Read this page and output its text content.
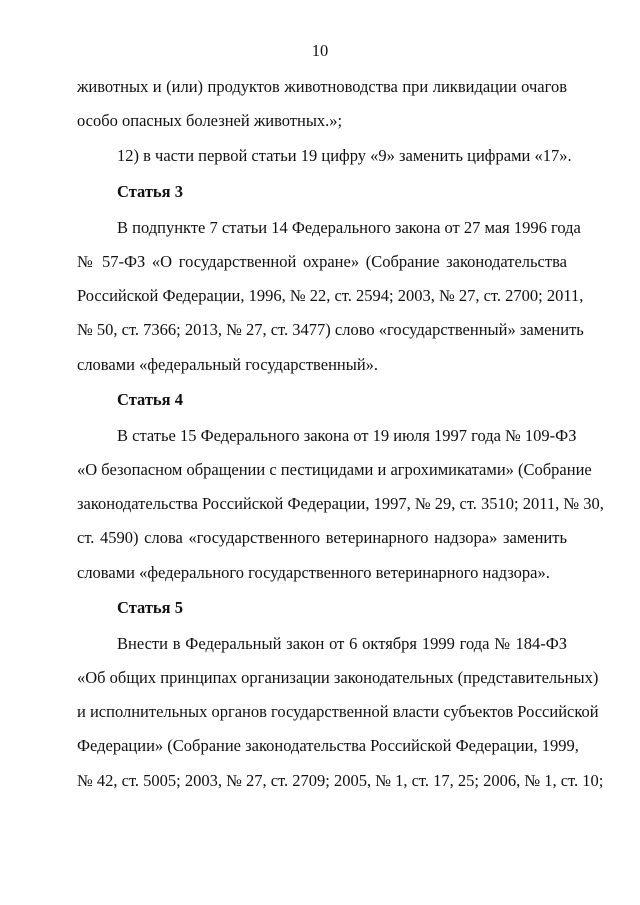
10
животных и (или) продуктов животноводства при ликвидации очагов
особо опасных болезней животных.»;
12) в части первой статьи 19 цифру «9» заменить цифрами «17».
Статья 3
В подпункте 7 статьи 14 Федерального закона от 27 мая 1996 года
№ 57-ФЗ «О государственной охране» (Собрание законодательства
Российской Федерации, 1996, № 22, ст. 2594; 2003, № 27, ст. 2700; 2011,
№ 50, ст. 7366; 2013, № 27, ст. 3477) слово «государственный» заменить
словами «федеральный государственный».
Статья 4
В статье 15 Федерального закона от 19 июля 1997 года № 109-ФЗ
«О безопасном обращении с пестицидами и агрохимикатами» (Собрание
законодательства Российской Федерации, 1997, № 29, ст. 3510; 2011, № 30,
ст. 4590) слова «государственного ветеринарного надзора» заменить
словами «федерального государственного ветеринарного надзора».
Статья 5
Внести в Федеральный закон от 6 октября 1999 года № 184-ФЗ
«Об общих принципах организации законодательных (представительных)
и исполнительных органов государственной власти субъектов Российской
Федерации» (Собрание законодательства Российской Федерации, 1999,
№ 42, ст. 5005; 2003, № 27, ст. 2709; 2005, № 1, ст. 17, 25; 2006, № 1, ст. 10;
